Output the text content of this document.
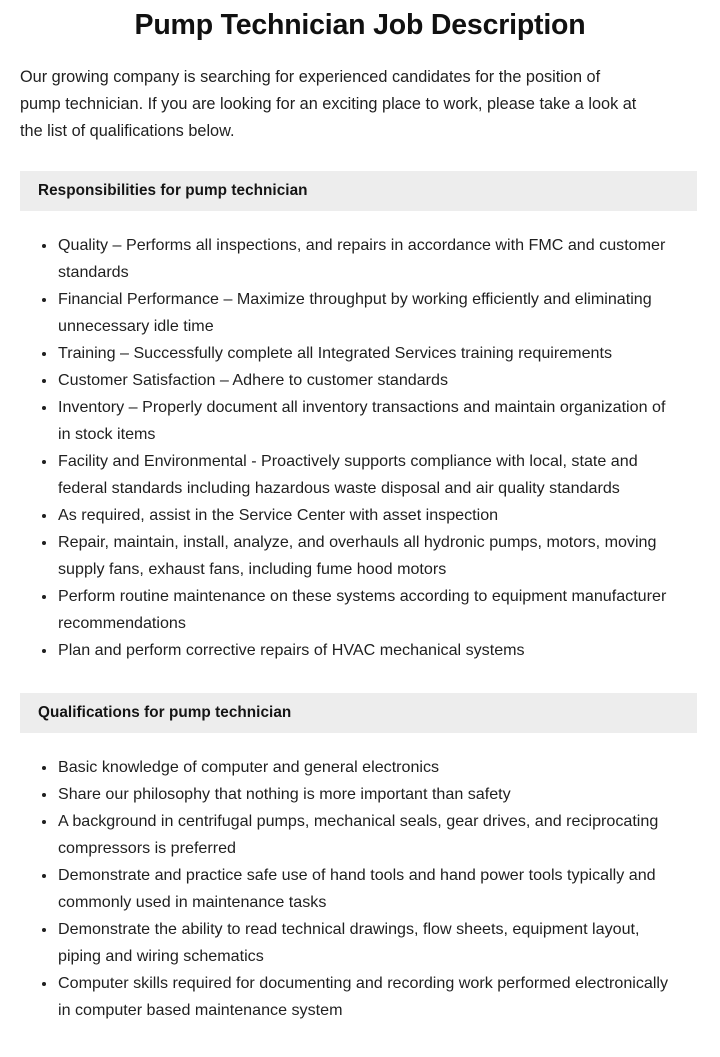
Pump Technician Job Description

Our growing company is searching for experienced candidates for the position of pump technician. If you are looking for an exciting place to work, please take a look at the list of qualifications below.

Responsibilities for pump technician
Quality – Performs all inspections, and repairs in accordance with FMC and customer standards
Financial Performance – Maximize throughput by working efficiently and eliminating unnecessary idle time
Training – Successfully complete all Integrated Services training requirements
Customer Satisfaction – Adhere to customer standards
Inventory – Properly document all inventory transactions and maintain organization of in stock items
Facility and Environmental - Proactively supports compliance with local, state and federal standards including hazardous waste disposal and air quality standards
As required, assist in the Service Center with asset inspection
Repair, maintain, install, analyze, and overhauls all hydronic pumps, motors, moving supply fans, exhaust fans, including fume hood motors
Perform routine maintenance on these systems according to equipment manufacturer recommendations
Plan and perform corrective repairs of HVAC mechanical systems
Qualifications for pump technician
Basic knowledge of computer and general electronics
Share our philosophy that nothing is more important than safety
A background in centrifugal pumps, mechanical seals, gear drives, and reciprocating compressors is preferred
Demonstrate and practice safe use of hand tools and hand power tools typically and commonly used in maintenance tasks
Demonstrate the ability to read technical drawings, flow sheets, equipment layout, piping and wiring schematics
Computer skills required for documenting and recording work performed electronically in computer based maintenance system
